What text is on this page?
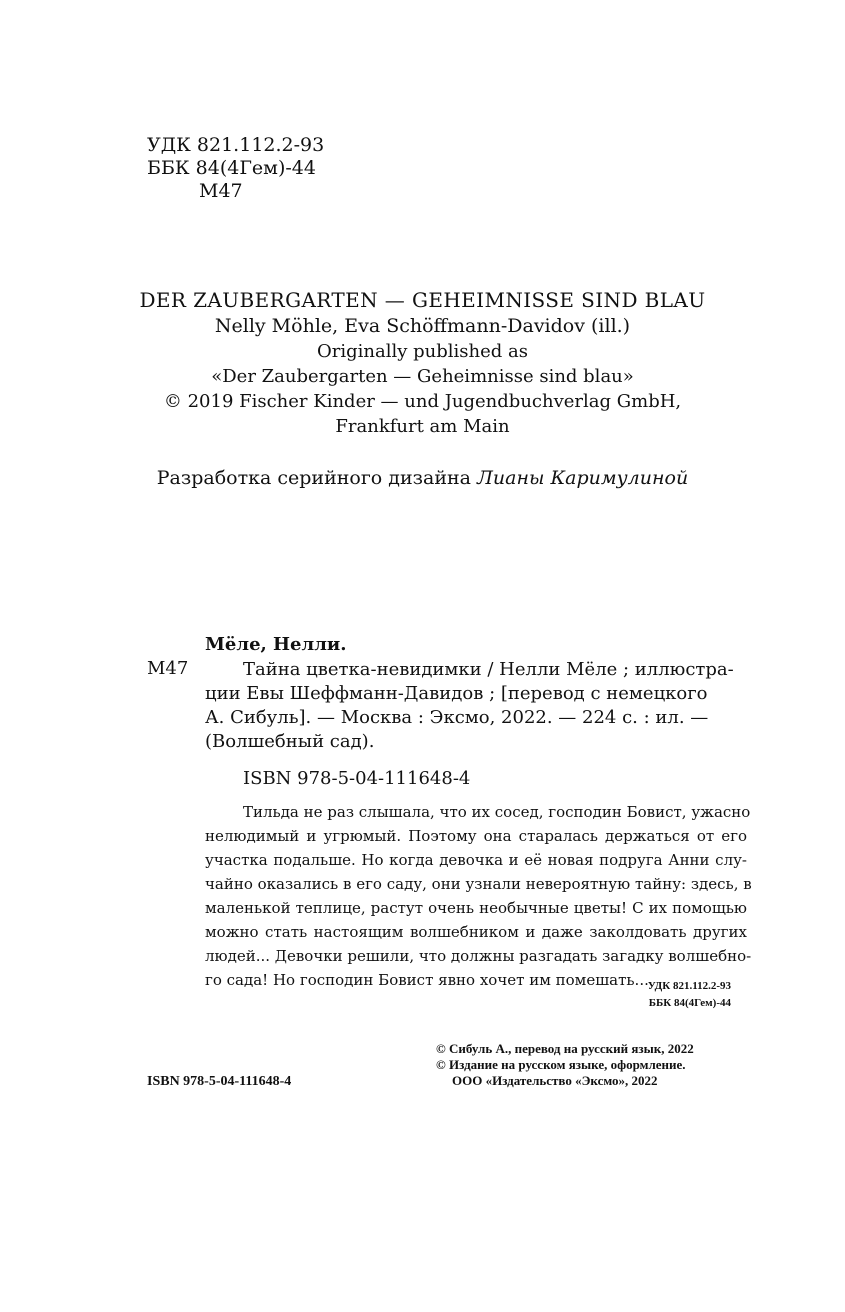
УДК 821.112.2-93
ББК 84(4Гем)-44
М47
DER ZAUBERGARTEN — GEHEIMNISSE SIND BLAU
Nelly Möhle, Eva Schöffmann-Davidov (ill.)
Originally published as
«Der Zaubergarten — Geheimnisse sind blau»
© 2019 Fischer Kinder — und Jugendbuchverlag GmbH,
Frankfurt am Main
Разработка серийного дизайна Лианы Каримулиной
Мёле, Нелли.
М47	Тайна цветка-невидимки / Нелли Мёле ; иллюстра-
ции Евы Шеффманн-Давидов ; [перевод с немецкого
А. Сибуль]. — Москва : Эксмо, 2022. — 224 с. : ил. —
(Волшебный сад).
ISBN 978-5-04-111648-4
Тильда не раз слышала, что их сосед, господин Бовист, ужасно
нелюдимый и угрюмый. Поэтому она старалась держаться от его
участка подальше. Но когда девочка и её новая подруга Анни слу-
чайно оказались в его саду, они узнали невероятную тайну: здесь, в
маленькой теплице, растут очень необычные цветы! С их помощью
можно стать настоящим волшебником и даже заколдовать других
людей... Девочки решили, что должны разгадать загадку волшебно-
го сада! Но господин Бовист явно хочет им помешать...
УДК 821.112.2-93
ББК 84(4Гем)-44
© Сибуль А., перевод на русский язык, 2022
© Издание на русском языке, оформление.
ООО «Издательство «Эксмо», 2022
ISBN 978-5-04-111648-4
